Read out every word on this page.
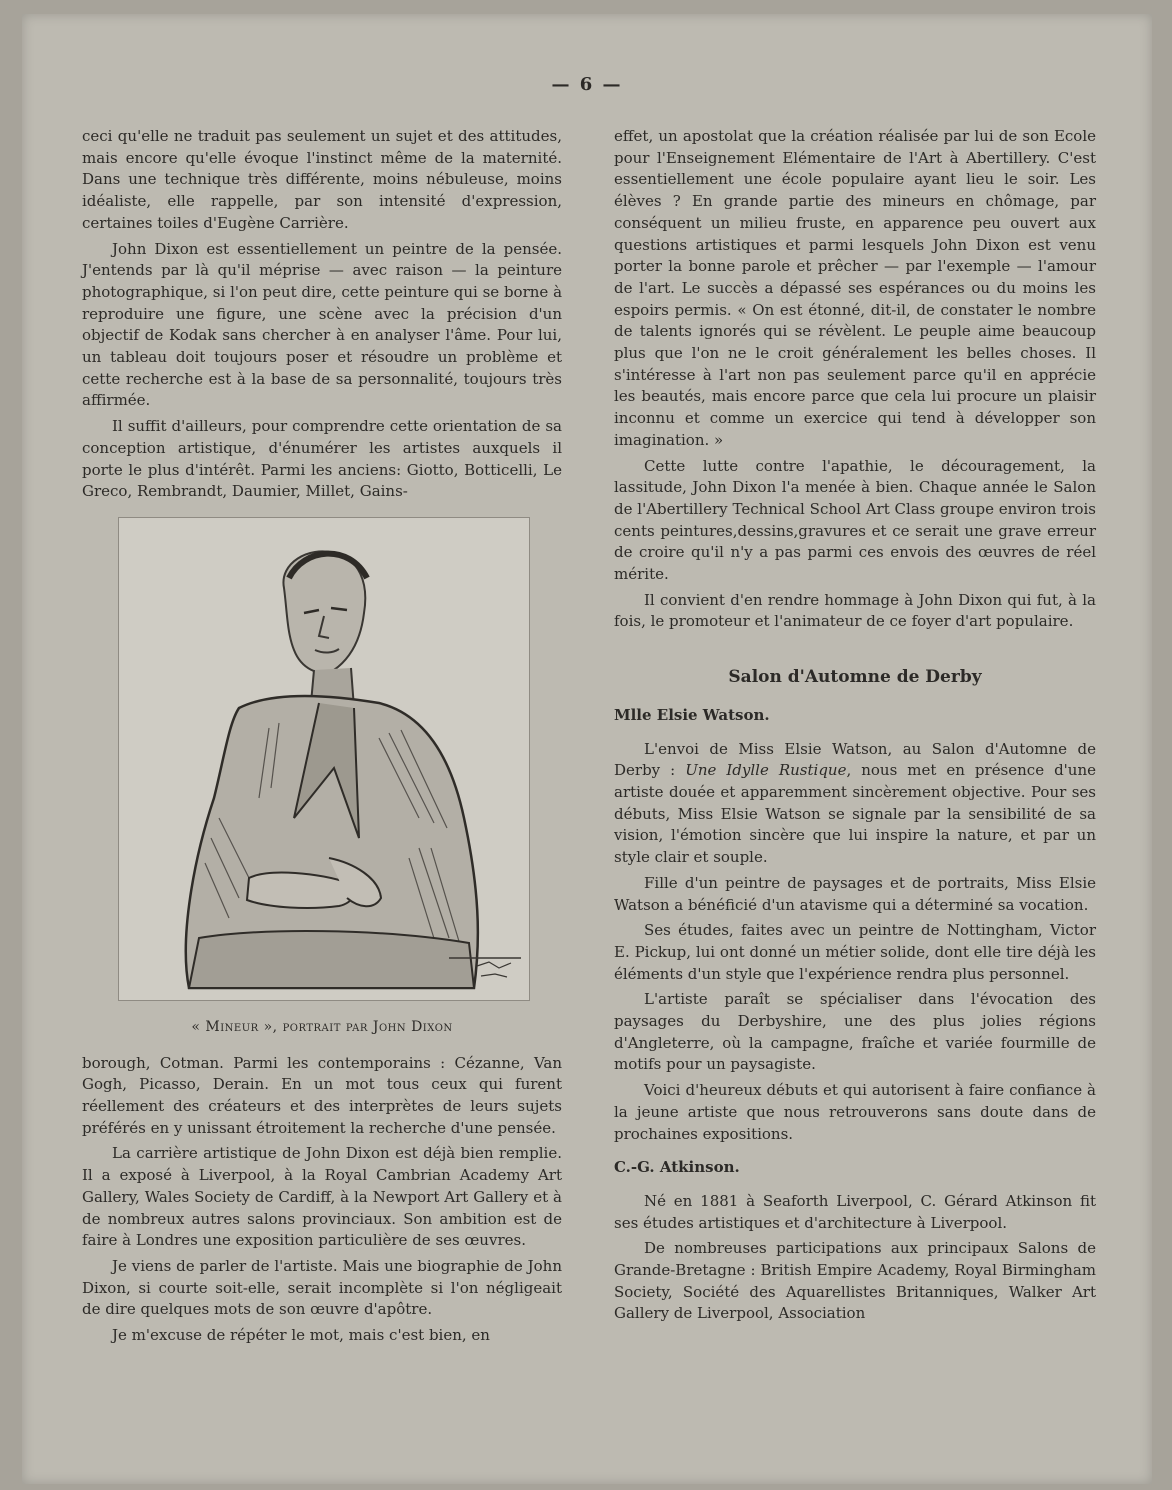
— 6 —

ceci qu'elle ne traduit pas seulement un sujet et des attitudes, mais encore qu'elle évoque l'instinct même de la maternité. Dans une technique très différente, moins nébuleuse, moins idéaliste, elle rappelle, par son intensité d'expression, certaines toiles d'Eugène Carrière.

John Dixon est essentiellement un peintre de la pensée. J'entends par là qu'il méprise — avec raison — la peinture photographique, si l'on peut dire, cette peinture qui se borne à reproduire une figure, une scène avec la précision d'un objectif de Kodak sans chercher à en analyser l'âme. Pour lui, un tableau doit toujours poser et résoudre un problème et cette recherche est à la base de sa personnalité, toujours très affirmée.

Il suffit d'ailleurs, pour comprendre cette orientation de sa conception artistique, d'énumérer les artistes auxquels il porte le plus d'intérêt. Parmi les anciens: Giotto, Botticelli, Le Greco, Rembrandt, Daumier, Millet, Gains-

« Mineur », portrait par John Dixon

borough, Cotman. Parmi les contemporains : Cézanne, Van Gogh, Picasso, Derain. En un mot tous ceux qui furent réellement des créateurs et des interprètes de leurs sujets préférés en y unissant étroitement la recherche d'une pensée.

La carrière artistique de John Dixon est déjà bien remplie. Il a exposé à Liverpool, à la Royal Cambrian Academy Art Gallery, Wales Society de Cardiff, à la Newport Art Gallery et à de nombreux autres salons provinciaux. Son ambition est de faire à Londres une exposition particulière de ses œuvres.

Je viens de parler de l'artiste. Mais une biographie de John Dixon, si courte soit-elle, serait incomplète si l'on négligeait de dire quelques mots de son œuvre d'apôtre.

Je m'excuse de répéter le mot, mais c'est bien, en

effet, un apostolat que la création réalisée par lui de son Ecole pour l'Enseignement Elémentaire de l'Art à Abertillery. C'est essentiellement une école populaire ayant lieu le soir. Les élèves ? En grande partie des mineurs en chômage, par conséquent un milieu fruste, en apparence peu ouvert aux questions artistiques et parmi lesquels John Dixon est venu porter la bonne parole et prêcher — par l'exemple — l'amour de l'art. Le succès a dépassé ses espérances ou du moins les espoirs permis. « On est étonné, dit-il, de constater le nombre de talents ignorés qui se révèlent. Le peuple aime beaucoup plus que l'on ne le croit généralement les belles choses. Il s'intéresse à l'art non pas seulement parce qu'il en apprécie les beautés, mais encore parce que cela lui procure un plaisir inconnu et comme un exercice qui tend à développer son imagination. »

Cette lutte contre l'apathie, le découragement, la lassitude, John Dixon l'a menée à bien. Chaque année le Salon de l'Abertillery Technical School Art Class groupe environ trois cents peintures,dessins,gravures et ce serait une grave erreur de croire qu'il n'y a pas parmi ces envois des œuvres de réel mérite.

Il convient d'en rendre hommage à John Dixon qui fut, à la fois, le promoteur et l'animateur de ce foyer d'art populaire.

Salon d'Automne de Derby
Mlle Elsie Watson.

L'envoi de Miss Elsie Watson, au Salon d'Automne de Derby : Une Idylle Rustique, nous met en présence d'une artiste douée et apparemment sincèrement objective. Pour ses débuts, Miss Elsie Watson se signale par la sensibilité de sa vision, l'émotion sincère que lui inspire la nature, et par un style clair et souple.

Fille d'un peintre de paysages et de portraits, Miss Elsie Watson a bénéficié d'un atavisme qui a déterminé sa vocation.

Ses études, faites avec un peintre de Nottingham, Victor E. Pickup, lui ont donné un métier solide, dont elle tire déjà les éléments d'un style que l'expérience rendra plus personnel.

L'artiste paraît se spécialiser dans l'évocation des paysages du Derbyshire, une des plus jolies régions d'Angleterre, où la campagne, fraîche et variée fourmille de motifs pour un paysagiste.

Voici d'heureux débuts et qui autorisent à faire confiance à la jeune artiste que nous retrouverons sans doute dans de prochaines expositions.

C.-G. Atkinson.

Né en 1881 à Seaforth Liverpool, C. Gérard Atkinson fit ses études artistiques et d'architecture à Liverpool.

De nombreuses participations aux principaux Salons de Grande-Bretagne : British Empire Academy, Royal Birmingham Society, Société des Aquarellistes Britanniques, Walker Art Gallery de Liverpool, Association
